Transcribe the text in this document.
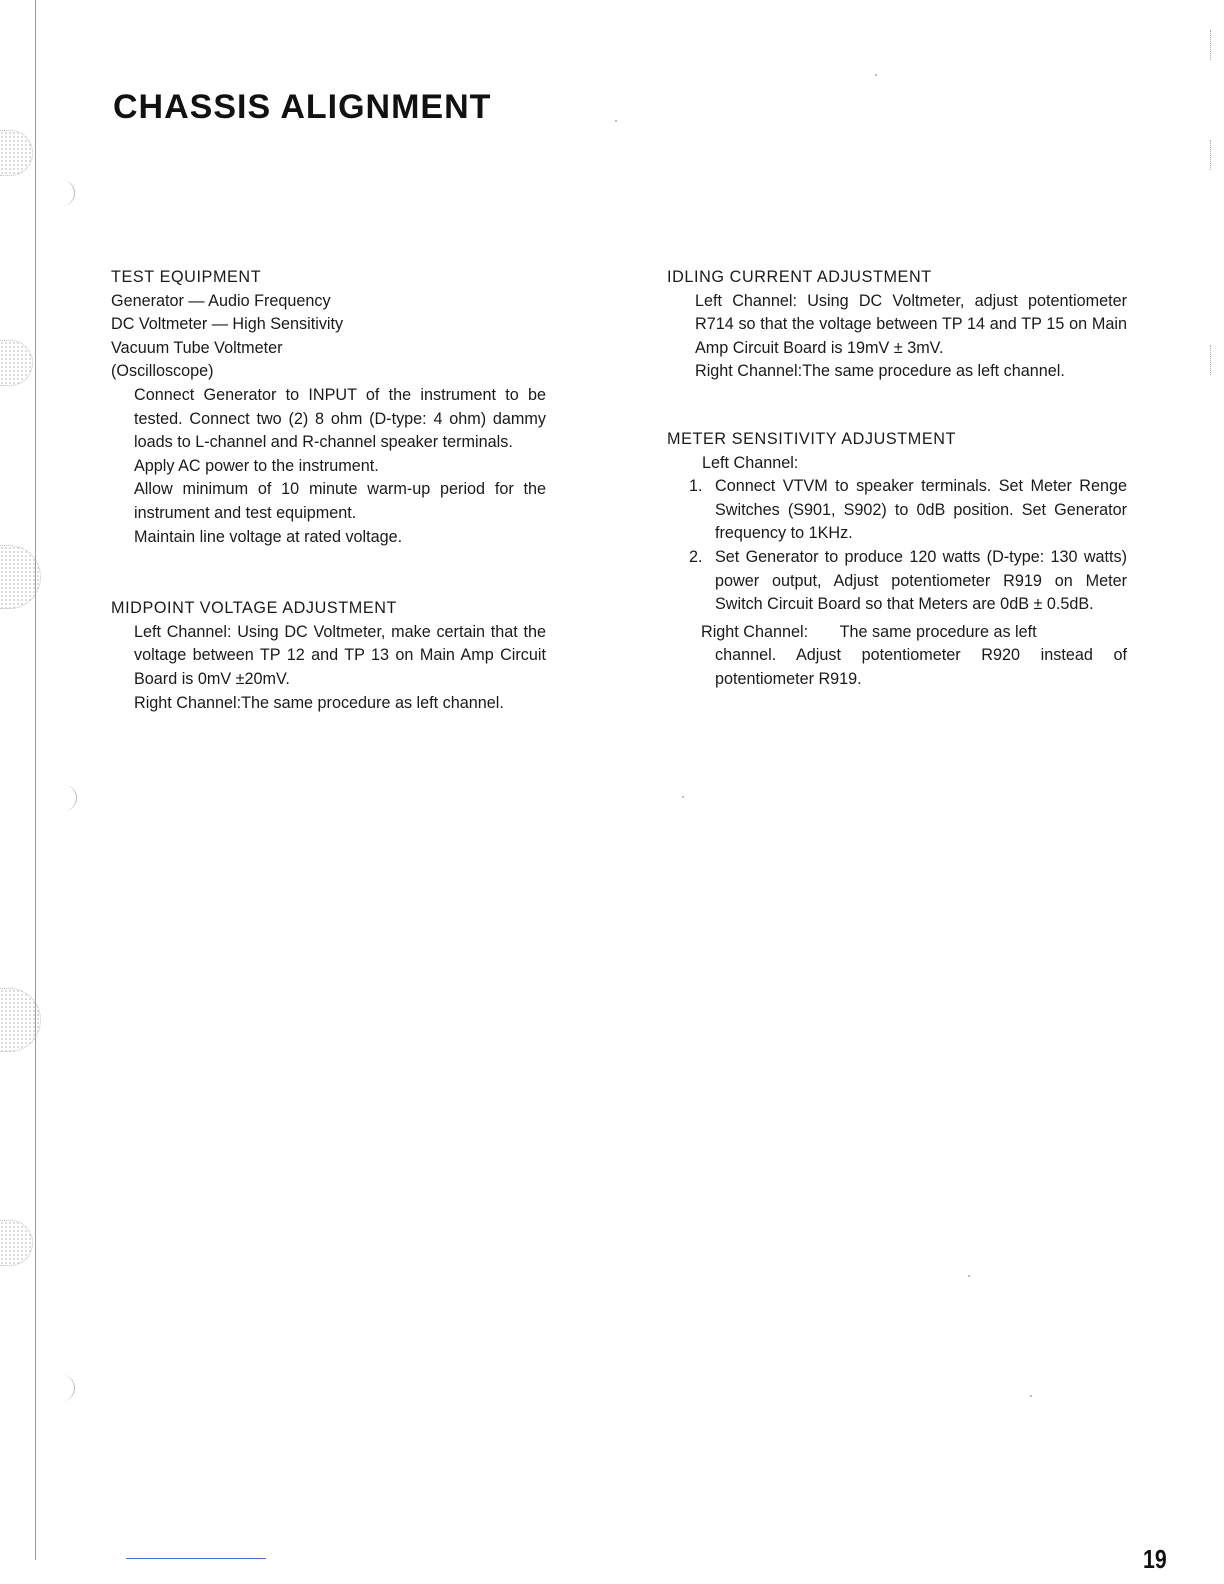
CHASSIS ALIGNMENT
TEST EQUIPMENT
Generator — Audio Frequency
DC Voltmeter — High Sensitivity
Vacuum Tube Voltmeter
(Oscilloscope)

Connect Generator to INPUT of the instrument to be tested. Connect two (2) 8 ohm (D-type: 4 ohm) dammy loads to L-channel and R-channel speaker terminals.

Apply AC power to the instrument.

Allow minimum of 10 minute warm-up period for the instrument and test equipment.

Maintain line voltage at rated voltage.

MIDPOINT VOLTAGE ADJUSTMENT

Left Channel: Using DC Voltmeter, make certain that the voltage between TP 12 and TP 13 on Main Amp Circuit Board is 0mV ±20mV.

Right Channel:The same procedure as left channel.

IDLING CURRENT ADJUSTMENT

Left Channel: Using DC Voltmeter, adjust potentiometer R714 so that the voltage between TP 14 and TP 15 on Main Amp Circuit Board is 19mV ± 3mV.

Right Channel:The same procedure as left channel.

METER SENSITIVITY ADJUSTMENT
Left Channel:
1. Connect VTVM to speaker terminals. Set Meter Renge Switches (S901, S902) to 0dB position. Set Generator frequency to 1KHz.
2. Set Generator to produce 120 watts (D-type: 130 watts) power output, Adjust potentiometer R919 on Meter Switch Circuit Board so that Meters are 0dB ± 0.5dB.

Right Channel: The same procedure as left
channel. Adjust potentiometer R920 instead of potentiometer R919.

19
